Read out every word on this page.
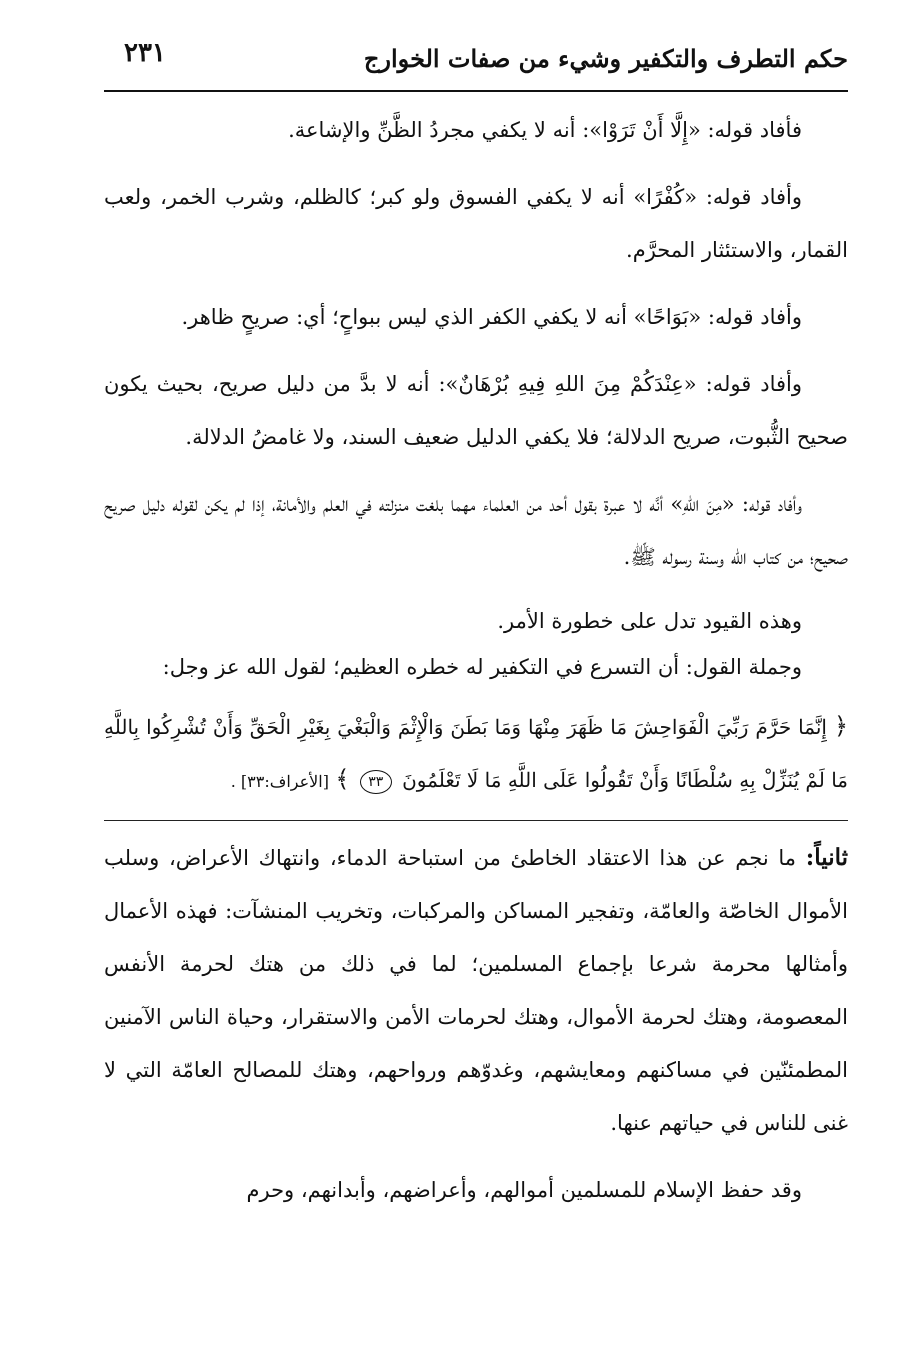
حكم التطرف والتكفير وشيء من صفات الخوارج
٢٣١

فأفاد قوله: «إِلَّا أَنْ تَرَوْا»: أنه لا يكفي مجردُ الظَّنِّ والإشاعة.

وأفاد قوله: «كُفْرًا» أنه لا يكفي الفسوق ولو كبر؛ كالظلم، وشرب الخمر، ولعب القمار، والاستئثار المحرَّم.

وأفاد قوله: «بَوَاحًا» أنه لا يكفي الكفر الذي ليس ببواحٍ؛ أي: صريحٍ ظاهر.

وأفاد قوله: «عِنْدَكُمْ مِنَ اللهِ فِيهِ بُرْهَانٌ»: أنه لا بدَّ من دليل صريح، بحيث يكون صحيح الثُّبوت، صريح الدلالة؛ فلا يكفي الدليل ضعيف السند، ولا غامضُ الدلالة.

وأفاد قوله: «مِنَ اللهِ» أنَّه لا عبرة بقول أحد من العلماء مهما بلغت منزلته في العلم والأمانة، إذا لم يكن لقوله دليل صريح صحيح؛ من كتاب الله وسنة رسوله ﷺ.

وهذه القيود تدل على خطورة الأمر.

وجملة القول: أن التسرع في التكفير له خطره العظيم؛ لقول الله عز وجل:

﴿ إِنَّمَا حَرَّمَ رَبِّيَ الْفَوَاحِشَ مَا ظَهَرَ مِنْهَا وَمَا بَطَنَ وَالْإِثْمَ وَالْبَغْيَ بِغَيْرِ الْحَقِّ وَأَنْ تُشْرِكُوا بِاللَّهِ مَا لَمْ يُنَزِّلْ بِهِ سُلْطَانًا وَأَنْ تَقُولُوا عَلَى اللَّهِ مَا لَا تَعْلَمُونَ ٣٣ ﴾ [الأعراف:٣٣] .

ثانياً: ما نجم عن هذا الاعتقاد الخاطئ من استباحة الدماء، وانتهاك الأعراض، وسلب الأموال الخاصّة والعامّة، وتفجير المساكن والمركبات، وتخريب المنشآت: فهذه الأعمال وأمثالها محرمة شرعا بإجماع المسلمين؛ لما في ذلك من هتك لحرمة الأنفس المعصومة، وهتك لحرمة الأموال، وهتك لحرمات الأمن والاستقرار، وحياة الناس الآمنين المطمئنّين في مساكنهم ومعايشهم، وغدوّهم ورواحهم، وهتك للمصالح العامّة التي لا غنى للناس في حياتهم عنها.

وقد حفظ الإسلام للمسلمين أموالهم، وأعراضهم، وأبدانهم، وحرم
